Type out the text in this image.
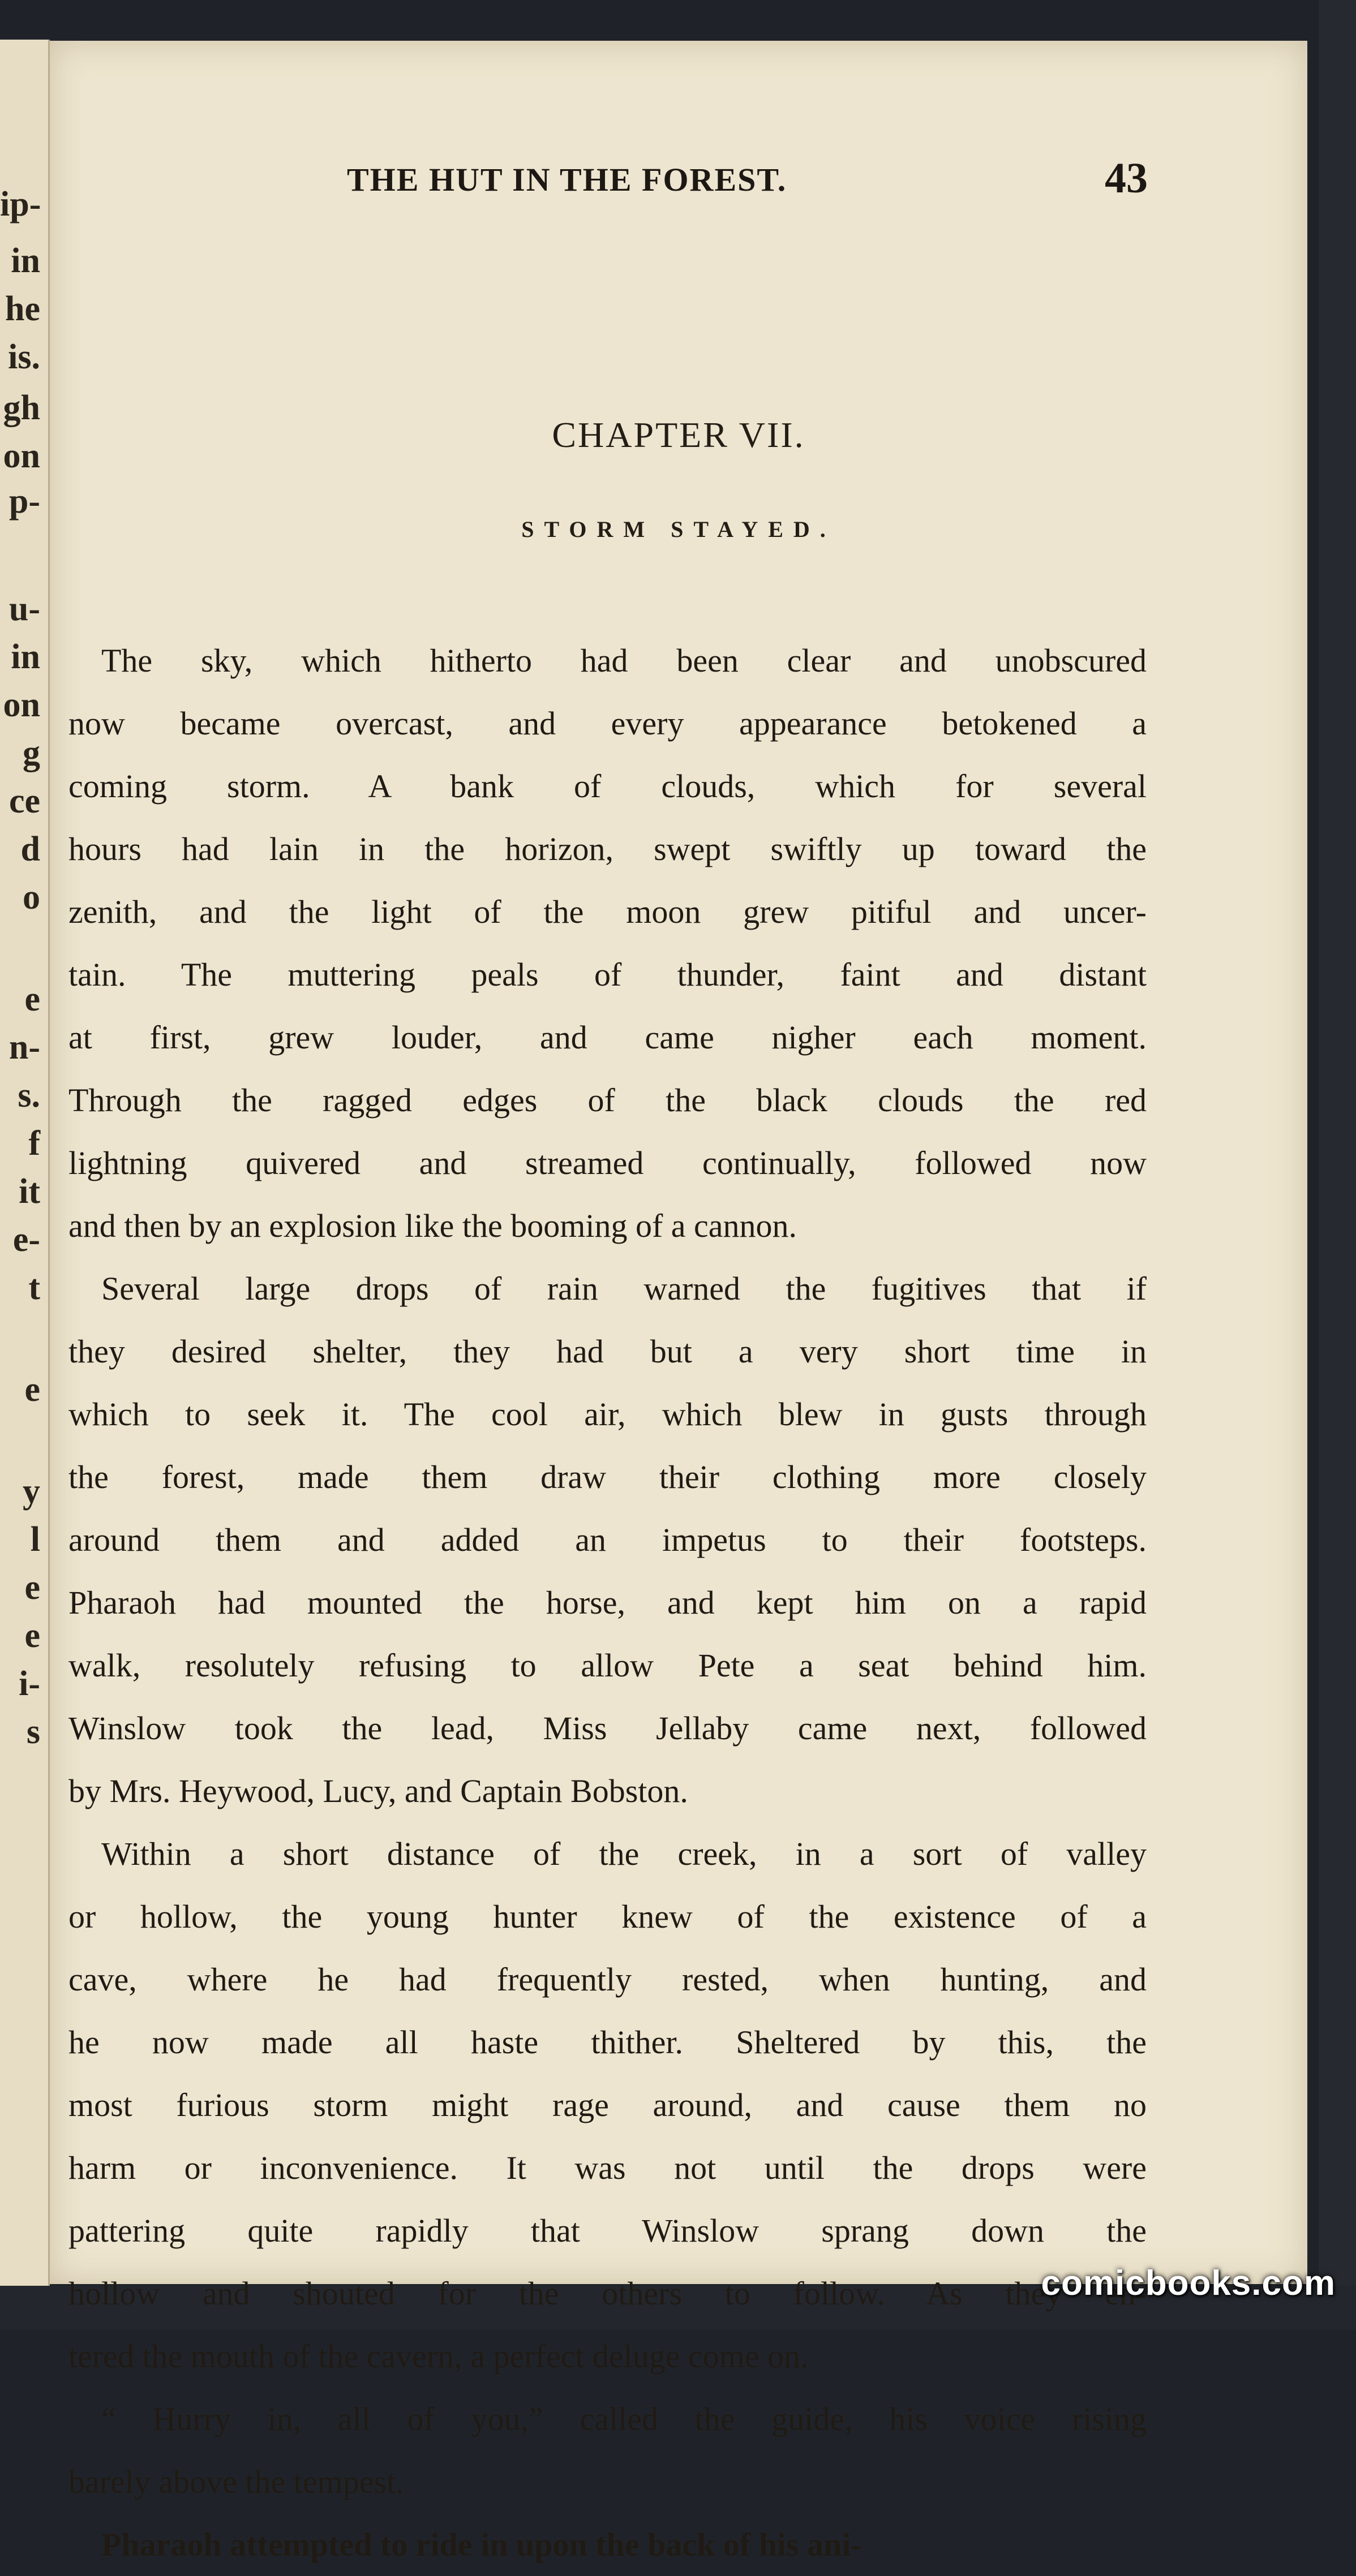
ip-
in
he
is.
gh
on
p-
u-
in
on
g
ce
d
o
e
n-
s.
f
it
e-
t
e
y
l
e
e
i-
s
THE HUT IN THE FOREST.	43
CHAPTER VII.
STORM STAYED.
The sky, which hitherto had been clear and unobscured
now became overcast, and every appearance betokened a
coming storm. A bank of clouds, which for several
hours had lain in the horizon, swept swiftly up toward the
zenith, and the light of the moon grew pitiful and uncer-
tain. The muttering peals of thunder, faint and distant
at first, grew louder, and came nigher each moment.
Through the ragged edges of the black clouds the red
lightning quivered and streamed continually, followed now
and then by an explosion like the booming of a cannon.
Several large drops of rain warned the fugitives that if
they desired shelter, they had but a very short time in
which to seek it. The cool air, which blew in gusts through
the forest, made them draw their clothing more closely
around them and added an impetus to their footsteps.
Pharaoh had mounted the horse, and kept him on a rapid
walk, resolutely refusing to allow Pete a seat behind him.
Winslow took the lead, Miss Jellaby came next, followed
by Mrs. Heywood, Lucy, and Captain Bobston.
Within a short distance of the creek, in a sort of valley
or hollow, the young hunter knew of the existence of a
cave, where he had frequently rested, when hunting, and
he now made all haste thither. Sheltered by this, the
most furious storm might rage around, and cause them no
harm or inconvenience. It was not until the drops were
pattering quite rapidly that Winslow sprang down the
hollow and shouted for the others to follow. As they en-
tered the mouth of the cavern, a perfect deluge come on.
“ Hurry in, all of you,” called the guide, his voice rising
barely above the tempest.
Pharaoh attempted to ride in upon the back of his ani-
comicbooks.com
